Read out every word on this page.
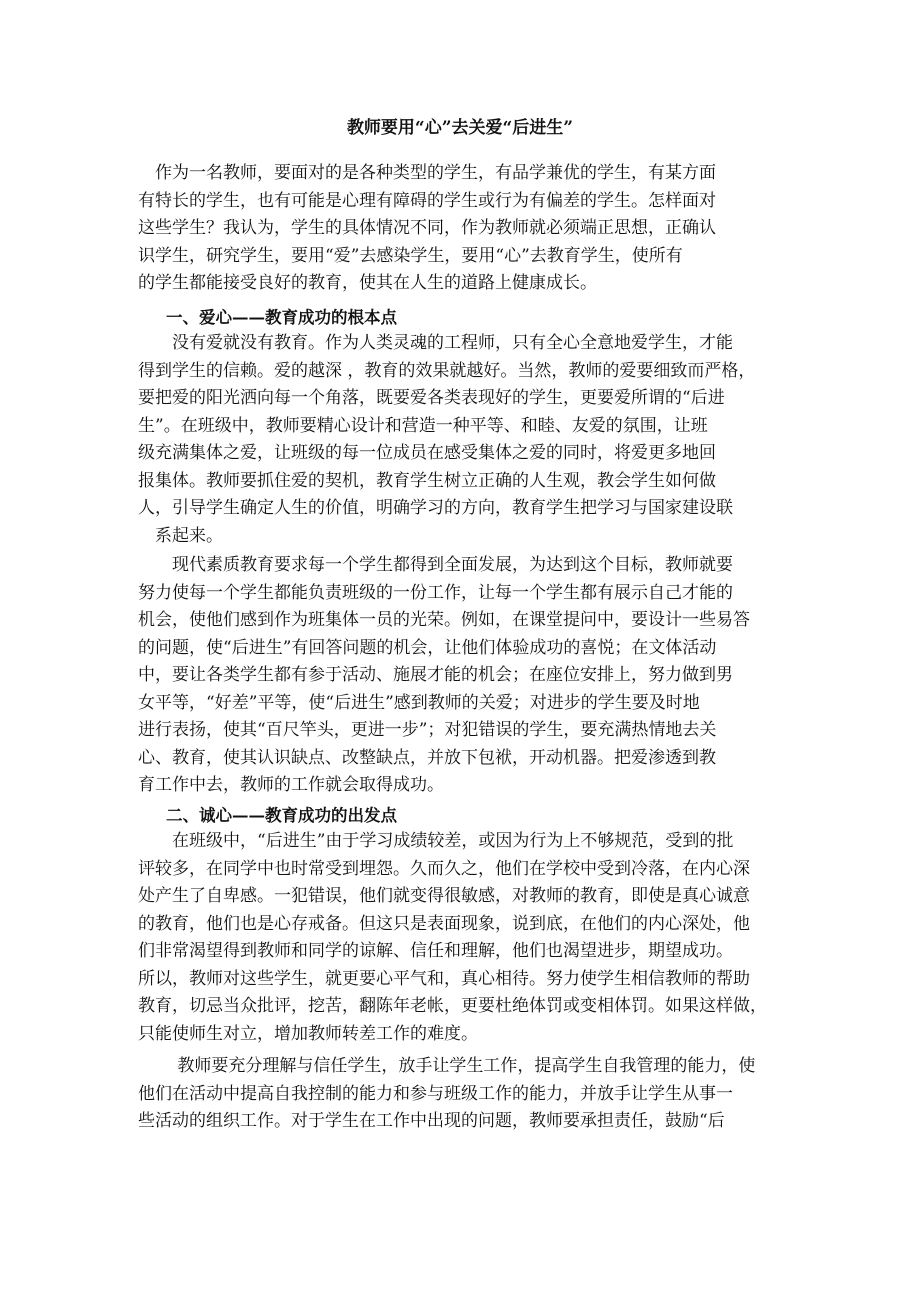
教师要用“心”去关爱“后进生”
　作为一名教师，要面对的是各种类型的学生，有品学兼优的学生，有某方面
有特长的学生，也有可能是心理有障碍的学生或行为有偏差的学生。怎样面对
这些学生？我认为，学生的具体情况不同，作为教师就必须端正思想，正确认
识学生，研究学生，要用“爱”去感染学生，要用“心”去教育学生，使所有
的学生都能接受良好的教育，使其在人生的道路上健康成长。
一、爱心——教育成功的根本点
　　没有爱就没有教育。作为人类灵魂的工程师，只有全心全意地爱学生，才能
得到学生的信赖。爱的越深 ，教育的效果就越好。当然，教师的爱要细致而严格，
要把爱的阳光洒向每一个角落，既要爱各类表现好的学生，更要爱所谓的“后进
生”。在班级中，教师要精心设计和营造一种平等、和睦、友爱的氛围，让班
级充满集体之爱，让班级的每一位成员在感受集体之爱的同时，将爱更多地回
报集体。教师要抓住爱的契机，教育学生树立正确的人生观，教会学生如何做
人，引导学生确定人生的价值，明确学习的方向，教育学生把学习与国家建设联
　系起来。
　　现代素质教育要求每一个学生都得到全面发展，为达到这个目标，教师就要
努力使每一个学生都能负责班级的一份工作，让每一个学生都有展示自己才能的
机会，使他们感到作为班集体一员的光荣。例如，在课堂提问中，要设计一些易答
的问题，使“后进生”有回答问题的机会，让他们体验成功的喜悦；在文体活动
中，要让各类学生都有参于活动、施展才能的机会；在座位安排上，努力做到男
女平等，“好差”平等，使“后进生”感到教师的关爱；对进步的学生要及时地
进行表扬，使其“百尺竿头，更进一步”；对犯错误的学生，要充满热情地去关
心、教育，使其认识缺点、改整缺点，并放下包袱，开动机器。把爱渗透到教
育工作中去，教师的工作就会取得成功。
二、诚心——教育成功的出发点
　　在班级中，“后进生”由于学习成绩较差，或因为行为上不够规范，受到的批
评较多，在同学中也时常受到埋怨。久而久之，他们在学校中受到冷落，在内心深
处产生了自卑感。一犯错误，他们就变得很敏感，对教师的教育，即使是真心诚意
的教育，他们也是心存戒备。但这只是表面现象，说到底，在他们的内心深处，他
们非常渴望得到教师和同学的谅解、信任和理解，他们也渴望进步，期望成功。
所以，教师对这些学生，就更要心平气和，真心相待。努力使学生相信教师的帮助
教育，切忌当众批评，挖苦，翻陈年老帐，更要杜绝体罚或变相体罚。如果这样做，
只能使师生对立，增加教师转差工作的难度。
　　 教师要充分理解与信任学生，放手让学生工作，提高学生自我管理的能力，使
他们在活动中提高自我控制的能力和参与班级工作的能力，并放手让学生从事一
些活动的组织工作。对于学生在工作中出现的问题，教师要承担责任，鼓励“后
